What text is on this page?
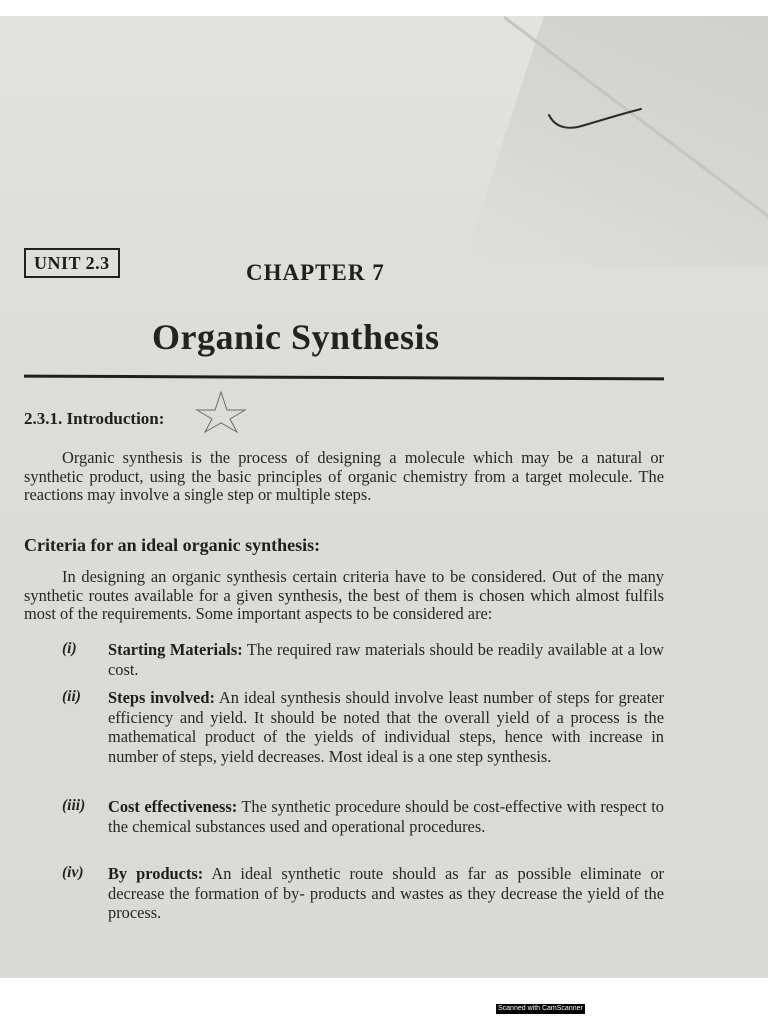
UNIT 2.3	CHAPTER 7
Organic Synthesis
2.3.1. Introduction:
Organic synthesis is the process of designing a molecule which may be a natural or synthetic product, using the basic principles of organic chemistry from a target molecule. The reactions may involve a single step or multiple steps.
Criteria for an ideal organic synthesis:
In designing an organic synthesis certain criteria have to be considered. Out of the many synthetic routes available for a given synthesis, the best of them is chosen which almost fulfils most of the requirements. Some important aspects to be considered are:
(i)	Starting Materials: The required raw materials should be readily available at a low cost.
(ii)	Steps involved: An ideal synthesis should involve least number of steps for greater efficiency and yield. It should be noted that the overall yield of a process is the mathematical product of the yields of individual steps, hence with increase in number of steps, yield decreases. Most ideal is a one step synthesis.
(iii)	Cost effectiveness: The synthetic procedure should be cost-effective with respect to the chemical substances used and operational procedures.
(iv)	By products: An ideal synthetic route should as far as possible eliminate or decrease the formation of by- products and wastes as they decrease the yield of the process.
Scanned with CamScanner
